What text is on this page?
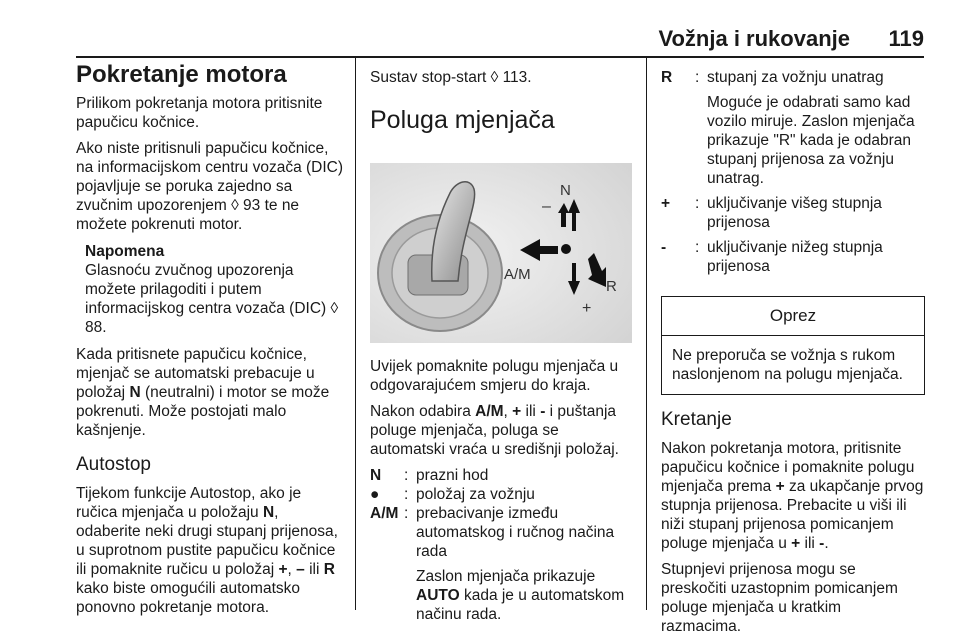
Vožnja i rukovanje 119
Pokretanje motora

Prilikom pokretanja motora pritisnite papučicu kočnice.

Ako niste pritisnuli papučicu kočnice, na informacijskom centru vozača (DIC) pojavljuje se poruka zajedno sa zvučnim upozorenjem ◊ 93 te ne možete pokrenuti motor.

Napomena

Glasnoću zvučnog upozorenja možete prilagoditi i putem informacijskog centra vozača (DIC) ◊ 88.

Kada pritisnete papučicu kočnice, mjenjač se automatski prebacuje u položaj N (neutralni) i motor se može pokrenuti. Može postojati malo kašnjenje.

Autostop

Tijekom funkcije Autostop, ako je ručica mjenjača u položaju N, odaberite neki drugi stupanj prijenosa, u suprotnom pustite papučicu kočnice ili pomaknite ručicu u položaj +, – ili R kako biste omogućili automatsko ponovno pokretanje motora.

Sustav stop-start ◊ 113.

Poluga mjenjača
N
–
A/M
+
R

Uvijek pomaknite polugu mjenjača u odgovarajućem smjeru do kraja.

Nakon odabira A/M, + ili - i puštanja poluge mjenjača, poluga se automatski vraća u središnji položaj.

N	: prazni hod
●	: položaj za vožnju
A/M : prebacivanje između automatskog i ručnog načina rada

Zaslon mjenjača prikazuje AUTO kada je u automatskom načinu rada.

R	: stupanj za vožnju unatrag

Moguće je odabrati samo kad vozilo miruje. Zaslon mjenjača prikazuje "R" kada je odabran stupanj prijenosa za vožnju unatrag.

+	: uključivanje višeg stupnja prijenosa

-	: uključivanje nižeg stupnja prijenosa

Oprez
Ne preporuča se vožnja s rukom naslonjenom na polugu mjenjača.
Kretanje

Nakon pokretanja motora, pritisnite papučicu kočnice i pomaknite polugu mjenjača prema + za ukapčanje prvog stupnja prijenosa. Prebacite u viši ili niži stupanj prijenosa pomicanjem poluge mjenjača u + ili -.

Stupnjevi prijenosa mogu se preskočiti uzastopnim pomicanjem poluge mjenjača u kratkim razmacima.
